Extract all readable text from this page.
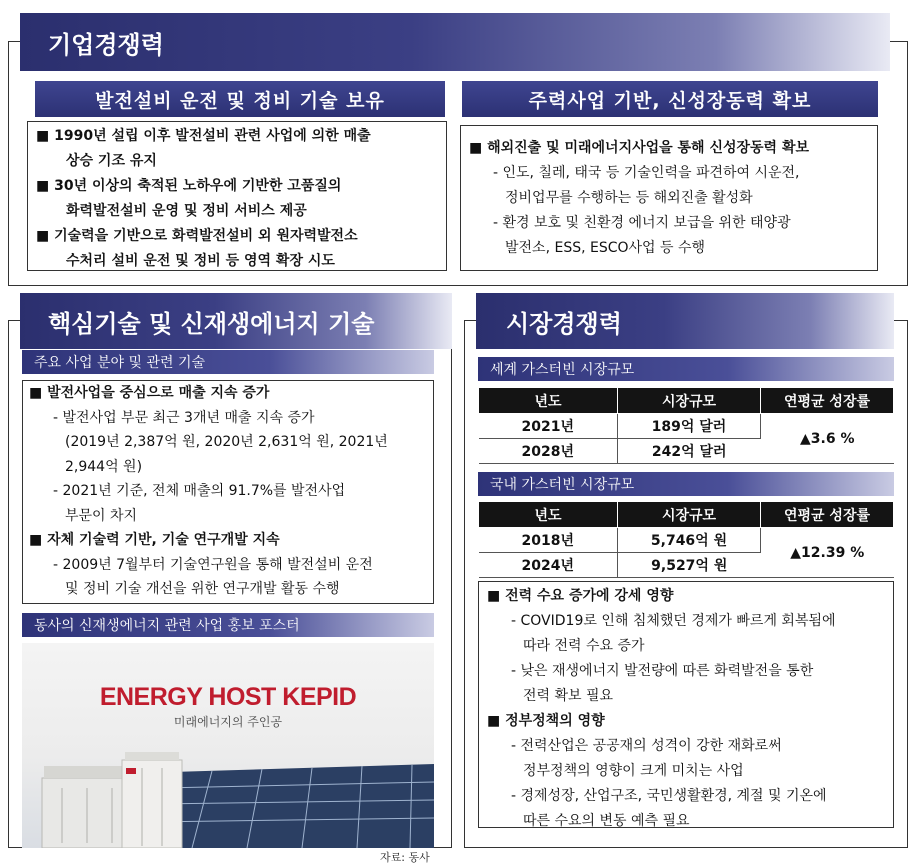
기업경쟁력
발전설비 운전 및 정비 기술 보유
■ 1990년 설립 이후 발전설비 관련 사업에 의한 매출
상승 기조 유지
■ 30년 이상의 축적된 노하우에 기반한 고품질의
화력발전설비 운영 및 정비 서비스 제공
■ 기술력을 기반으로 화력발전설비 외 원자력발전소
수처리 설비 운전 및 정비 등 영역 확장 시도
주력사업 기반, 신성장동력 확보
■ 해외진출 및 미래에너지사업을 통해 신성장동력 확보
- 인도, 칠레, 태국 등 기술인력을 파견하여 시운전,
정비업무를 수행하는 등 해외진출 활성화
- 환경 보호 및 친환경 에너지 보급을 위한 태양광
발전소, ESS, ESCO사업 등 수행
핵심기술 및 신재생에너지 기술
주요 사업 분야 및 관련 기술
■ 발전사업을 중심으로 매출 지속 증가
- 발전사업 부문 최근 3개년 매출 지속 증가
(2019년 2,387억 원, 2020년 2,631억 원, 2021년
2,944억 원)
- 2021년 기준, 전체 매출의 91.7%를 발전사업
부문이 차지
■ 자체 기술력 기반, 기술 연구개발 지속
- 2009년 7월부터 기술연구원을 통해 발전설비 운전
및 정비 기술 개선을 위한 연구개발 활동 수행
동사의 신재생에너지 관련 사업 홍보 포스터
ENERGY HOST KEPID
미래에너지의 주인공
시장경쟁력
세계 가스터빈 시장규모
년도	시장규모	연평균 성장률
2021년	189억 달러	▲3.6 %
2028년	242억 달러	
국내 가스터빈 시장규모
년도	시장규모	연평균 성장률
2018년	5,746억 원	▲12.39 %
2024년	9,527억 원	
■ 전력 수요 증가에 강세 영향
- COVID19로 인해 침체했던 경제가 빠르게 회복됨에
따라 전력 수요 증가
- 낮은 재생에너지 발전량에 따른 화력발전을 통한
전력 확보 필요
■ 정부정책의 영향
- 전력산업은 공공재의 성격이 강한 재화로써
정부정책의 영향이 크게 미치는 사업
- 경제성장, 산업구조, 국민생활환경, 계절 및 기온에
따른 수요의 변동 예측 필요
자료: 동사
